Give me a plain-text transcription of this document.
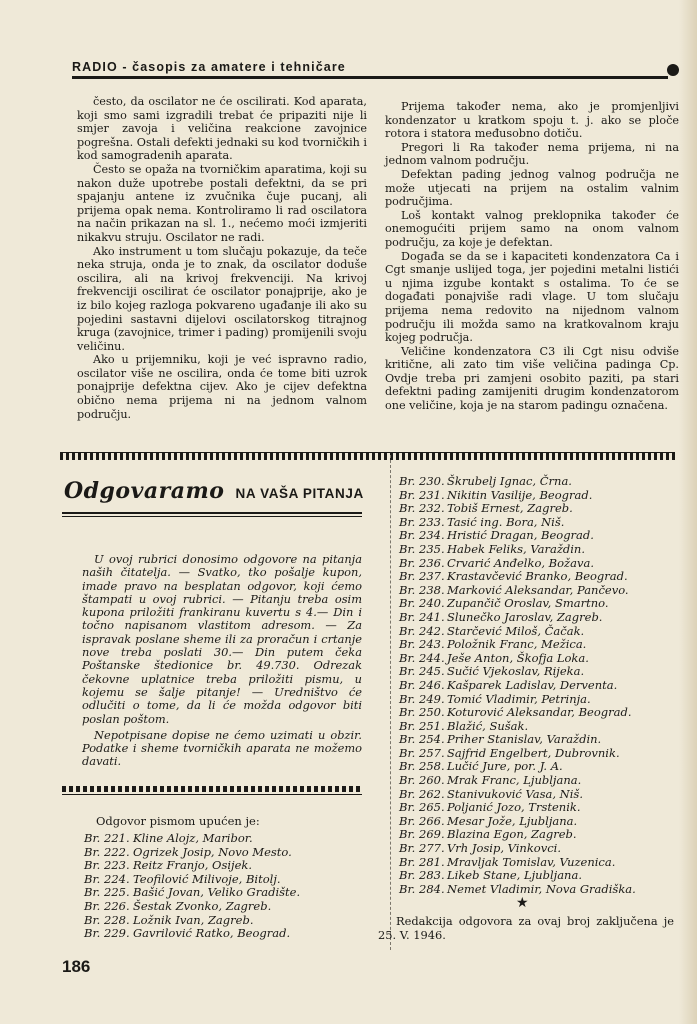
RADIO - časopis za amatere i tehničare

često, da oscilator ne će oscilirati. Kod aparata, koji smo sami izgradili trebat će pripaziti nije li smjer zavoja i veličina reakcione zavojnice pogrešna. Ostali defekti jednaki su kod tvorničkih i kod samogradenih aparata.

Često se opaža na tvorničkim aparatima, koji su nakon duže upotrebe postali defektni, da se pri spajanju antene iz zvučnika čuje pucanj, ali prijema opak nema. Kontroliramo li rad oscilatora na način prikazan na sl. 1., nećemo moći izmjeriti nikakvu struju. Oscilator ne radi.

Ako instrument u tom slučaju pokazuje, da teče neka struja, onda je to znak, da oscilator doduše oscilira, ali na krivoj frekvenciji. Na krivoj frekvenciji oscilirat će oscilator ponajprije, ako je iz bilo kojeg razloga pokvareno ugađanje ili ako su pojedini sastavni dijelovi oscilatorskog titrajnog kruga (zavojnice, trimer i pading) promijenili svoju veličinu.

Ako u prijemniku, koji je već ispravno radio, oscilator više ne oscilira, onda će tome biti uzrok ponajprije defektna cijev. Ako je cijev defektna obično nema prijema ni na jednom valnom području.

Prijema također nema, ako je promjenljivi kondenzator u kratkom spoju t. j. ako se ploče rotora i statora međusobno dotiču.

Pregori li Ra također nema prijema, ni na jednom valnom području.

Defektan pading jednog valnog područja ne može utjecati na prijem na ostalim valnim područjima.

Loš kontakt valnog preklopnika također će onemogućiti prijem samo na onom valnom području, za koje je defektan.

Događa se da se i kapaciteti kondenzatora Ca i Cgt smanje uslijed toga, jer pojedini metalni listići u njima izgube kontakt s ostalima. To će se događati ponajviše radi vlage. U tom slučaju prijema nema redovito na nijednom valnom području ili možda samo na kratkovalnom kraju kojeg područja.

Veličine kondenzatora C3 ili Cgt nisu odviše kritične, ali zato tim više veličina padinga Cp. Ovdje treba pri zamjeni osobito paziti, pa stari defektni pading zamijeniti drugim kondenzatorom one veličine, koja je na starom padingu označena.

Odgovaramo NA VAŠA PITANJA

U ovoj rubrici donosimo odgovore na pitanja naših čitatelja. — Svatko, tko pošalje kupon, imade pravo na besplatan odgovor, koji ćemo štampati u ovoj rubrici. — Pitanju treba osim kupona priložiti frankiranu kuvertu s 4.— Din i točno napisanom vlastitom adresom. — Za ispravak poslane sheme ili za proračun i crtanje nove treba poslati 30.— Din putem čeka Poštanske štedionice br. 49.730. Odrezak čekovne uplatnice treba priložiti pismu, u kojemu se šalje pitanje! — Uredništvo će odlučiti o tome, da li će možda odgovor biti poslan poštom.

Nepotpisane dopise ne ćemo uzimati u obzir. Podatke i sheme tvorničkih aparata ne možemo davati.

Odgovor pismom upućen je:
Br. 221. Kline Alojz, Maribor.
Br. 222. Ogrizek Josip, Novo Mesto.
Br. 223. Reitz Franjo, Osijek.
Br. 224. Teofilović Milivoje, Bitolj.
Br. 225. Bašić Jovan, Veliko Gradište.
Br. 226. Šestak Zvonko, Zagreb.
Br. 228. Ložnik Ivan, Zagreb.
Br. 229. Gavrilović Ratko, Beograd.
Br. 230. Škrubelj Ignac, Črna.
Br. 231. Nikitin Vasilije, Beograd.
Br. 232. Tobiš Ernest, Zagreb.
Br. 233. Tasić ing. Bora, Niš.
Br. 234. Hristić Dragan, Beograd.
Br. 235. Habek Feliks, Varaždin.
Br. 236. Crvarić Anđelko, Božava.
Br. 237. Krastavčević Branko, Beograd.
Br. 238. Marković Aleksandar, Pančevo.
Br. 240. Zupančič Oroslav, Smartno.
Br. 241. Slunečko Jaroslav, Zagreb.
Br. 242. Starčević Miloš, Čačak.
Br. 243. Položnik Franc, Mežica.
Br. 244. Ješe Anton, Škofja Loka.
Br. 245. Sučić Vjekoslav, Rijeka.
Br. 246. Kašparek Ladislav, Derventa.
Br. 249. Tomić Vladimir, Petrinja.
Br. 250. Koturović Aleksandar, Beograd.
Br. 251. Blažić, Sušak.
Br. 254. Priher Stanislav, Varaždin.
Br. 257. Sajfrid Engelbert, Dubrovnik.
Br. 258. Lučić Jure, por. J. A.
Br. 260. Mrak Franc, Ljubljana.
Br. 262. Stanivuković Vasa, Niš.
Br. 265. Poljanić Jozo, Trstenik.
Br. 266. Mesar Jože, Ljubljana.
Br. 269. Blazina Egon, Zagreb.
Br. 277. Vrh Josip, Vinkovci.
Br. 281. Mravljak Tomislav, Vuzenica.
Br. 283. Likeb Stane, Ljubljana.
Br. 284. Nemet Vladimir, Nova Gradiška.
★
Redakcija odgovora za ovaj broj zaključena je 25. V. 1946.
186
